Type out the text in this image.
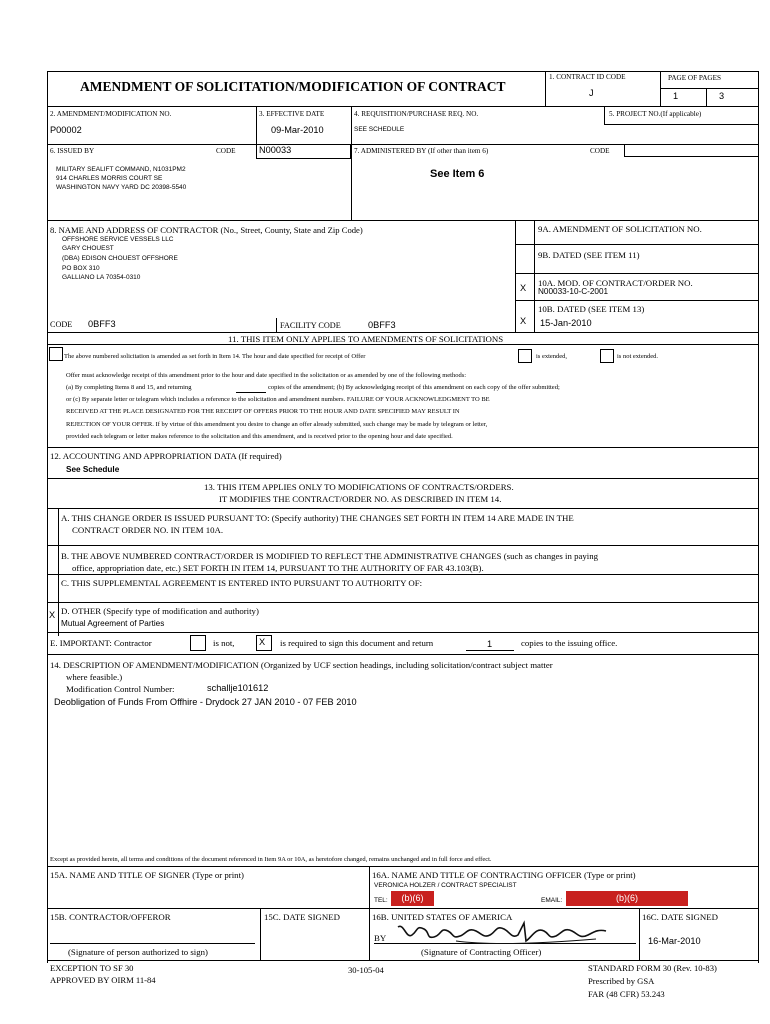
AMENDMENT OF SOLICITATION/MODIFICATION OF CONTRACT
1. CONTRACT ID CODE
J
PAGE OF PAGES
1	3
2. AMENDMENT/MODIFICATION NO.
P00002
3. EFFECTIVE DATE
09-Mar-2010
4. REQUISITION/PURCHASE REQ. NO.
SEE SCHEDULE
5. PROJECT NO.(If applicable)
6. ISSUED BY	CODE	N00033
MILITARY SEALIFT COMMAND, N1031PM2
914 CHARLES MORRIS COURT SE
WASHINGTON NAVY YARD DC 20398-5540
7. ADMINISTERED BY (If other than item 6)	CODE
See Item 6
8. NAME AND ADDRESS OF CONTRACTOR (No., Street, County, State and Zip Code)
OFFSHORE SERVICE VESSELS LLC
GARY CHOUEST
(DBA) EDISON CHOUEST OFFSHORE
PO BOX 310
GALLIANO LA 70354-0310
9A. AMENDMENT OF SOLICITATION NO.
9B. DATED (SEE ITEM 11)
X 10A. MOD. OF CONTRACT/ORDER NO.
N00033-10-C-2001
10B. DATED (SEE ITEM 13)
X 15-Jan-2010
CODE 0BFF3	FACILITY CODE	0BFF3
11. THIS ITEM ONLY APPLIES TO AMENDMENTS OF SOLICITATIONS
The above numbered solicitation is amended as set forth in Item 14. The hour and date specified for receipt of Offer	is extended,	is not extended.
Offer must acknowledge receipt of this amendment prior to the hour and date specified in the solicitation or as amended by one of the following methods:
(a) By completing Items 8 and 15, and returning	copies of the amendment; (b) By acknowledging receipt of this amendment on each copy of the offer submitted;
or (c) By separate letter or telegram which includes a reference to the solicitation and amendment numbers. FAILURE OF YOUR ACKNOWLEDGMENT TO BE
RECEIVED AT THE PLACE DESIGNATED FOR THE RECEIPT OF OFFERS PRIOR TO THE HOUR AND DATE SPECIFIED MAY RESULT IN
REJECTION OF YOUR OFFER. If by virtue of this amendment you desire to change an offer already submitted, such change may be made by telegram or letter,
provided each telegram or letter makes reference to the solicitation and this amendment, and is received prior to the opening hour and date specified.
12. ACCOUNTING AND APPROPRIATION DATA (If required)
See Schedule
13. THIS ITEM APPLIES ONLY TO MODIFICATIONS OF CONTRACTS/ORDERS.
IT MODIFIES THE CONTRACT/ORDER NO. AS DESCRIBED IN ITEM 14.
A. THIS CHANGE ORDER IS ISSUED PURSUANT TO: (Specify authority) THE CHANGES SET FORTH IN ITEM 14 ARE MADE IN THE
CONTRACT ORDER NO. IN ITEM 10A.
B. THE ABOVE NUMBERED CONTRACT/ORDER IS MODIFIED TO REFLECT THE ADMINISTRATIVE CHANGES (such as changes in paying
office, appropriation date, etc.) SET FORTH IN ITEM 14, PURSUANT TO THE AUTHORITY OF FAR 43.103(B).
C. THIS SUPPLEMENTAL AGREEMENT IS ENTERED INTO PURSUANT TO AUTHORITY OF:
X D. OTHER (Specify type of modification and authority)
Mutual Agreement of Parties
E. IMPORTANT: Contractor	is not,	X is required to sign this document and return	1	copies to the issuing office.
14. DESCRIPTION OF AMENDMENT/MODIFICATION (Organized by UCF section headings, including solicitation/contract subject matter
where feasible.)
Modification Control Number:	schallje101612
Deobligation of Funds From Offhire - Drydock 27 JAN 2010 - 07 FEB 2010
Except as provided herein, all terms and conditions of the document referenced in Item 9A or 10A, as heretofore changed, remains unchanged and in full force and effect.
15A. NAME AND TITLE OF SIGNER (Type or print)	16A. NAME AND TITLE OF CONTRACTING OFFICER (Type or print)
VERONICA HOLZER / CONTRACT SPECIALIST
TEL:	(b)(6)	EMAIL:	(b)(6)
15B. CONTRACTOR/OFFEROR
(Signature of person authorized to sign)
15C. DATE SIGNED	16B. UNITED STATES OF AMERICA
BY
(Signature of Contracting Officer)
16C. DATE SIGNED
16-Mar-2010
EXCEPTION TO SF 30
APPROVED BY OIRM 11-84
30-105-04	STANDARD FORM 30 (Rev. 10-83)
Prescribed by GSA
FAR (48 CFR) 53.243
